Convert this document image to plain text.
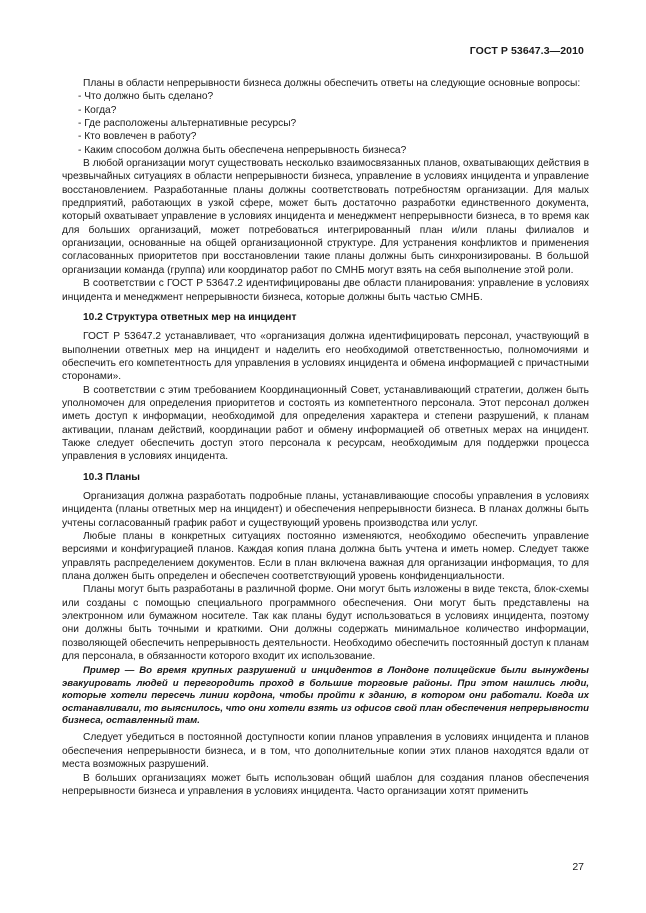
ГОСТ Р 53647.3—2010

Планы в области непрерывности бизнеса должны обеспечить ответы на следующие основные вопросы:

- Что должно быть сделано?

- Когда?

- Где расположены альтернативные ресурсы?

- Кто вовлечен в работу?

- Каким способом должна быть обеспечена непрерывность бизнеса?

В любой организации могут существовать несколько взаимосвязанных планов, охватывающих действия в чрезвычайных ситуациях в области непрерывности бизнеса, управление в условиях инцидента и управление восстановлением. Разработанные планы должны соответствовать потребностям организации. Для малых предприятий, работающих в узкой сфере, может быть достаточно разработки единственного документа, который охватывает управление в условиях инцидента и менеджмент непрерывности бизнеса, в то время как для больших организаций, может потребоваться интегрированный план и/или планы филиалов и организации, основанные на общей организационной структуре. Для устранения конфликтов и применения согласованных приоритетов при восстановлении такие планы должны быть синхронизированы. В большой организации команда (группа) или координатор работ по СМНБ могут взять на себя выполнение этой роли.

В соответствии с ГОСТ Р 53647.2 идентифицированы две области планирования: управление в условиях инцидента и менеджмент непрерывности бизнеса, которые должны быть частью СМНБ.

10.2 Структура ответных мер на инцидент

ГОСТ Р 53647.2 устанавливает, что «организация должна идентифицировать персонал, участвующий в выполнении ответных мер на инцидент и наделить его необходимой ответственностью, полномочиями и обеспечить его компетентность для управления в условиях инцидента и обмена информацией с причастными сторонами».

В соответствии с этим требованием Координационный Совет, устанавливающий стратегии, должен быть уполномочен для определения приоритетов и состоять из компетентного персонала. Этот персонал должен иметь доступ к информации, необходимой для определения характера и степени разрушений, к планам активации, планам действий, координации работ и обмену информацией об ответных мерах на инцидент. Также следует обеспечить доступ этого персонала к ресурсам, необходимым для поддержки процесса управления в условиях инцидента.

10.3 Планы

Организация должна разработать подробные планы, устанавливающие способы управления в условиях инцидента (планы ответных мер на инцидент) и обеспечения непрерывности бизнеса. В планах должны быть учтены согласованный график работ и существующий уровень производства или услуг.

Любые планы в конкретных ситуациях постоянно изменяются, необходимо обеспечить управление версиями и конфигурацией планов. Каждая копия плана должна быть учтена и иметь номер. Следует также управлять распределением документов. Если в план включена важная для организации информация, то для плана должен быть определен и обеспечен соответствующий уровень конфиденциальности.

Планы могут быть разработаны в различной форме. Они могут быть изложены в виде текста, блок-схемы или созданы с помощью специального программного обеспечения. Они могут быть представлены на электронном или бумажном носителе. Так как планы будут использоваться в условиях инцидента, поэтому они должны быть точными и краткими. Они должны содержать минимальное количество информации, позволяющей обеспечить непрерывность деятельности. Необходимо обеспечить постоянный доступ к планам для персонала, в обязанности которого входит их использование.

Пример — Во время крупных разрушений и инцидентов в Лондоне полицейские были вынуждены эвакуировать людей и перегородить проход в большие торговые районы. При этом нашлись люди, которые хотели пересечь линии кордона, чтобы пройти к зданию, в котором они работали. Когда их останавливали, то выяснилось, что они хотели взять из офисов свой план обеспечения непрерывности бизнеса, оставленный там.

Следует убедиться в постоянной доступности копии планов управления в условиях инцидента и планов обеспечения непрерывности бизнеса, и в том, что дополнительные копии этих планов находятся вдали от места возможных разрушений.

В больших организациях может быть использован общий шаблон для создания планов обеспечения непрерывности бизнеса и управления в условиях инцидента. Часто организации хотят применить

27
